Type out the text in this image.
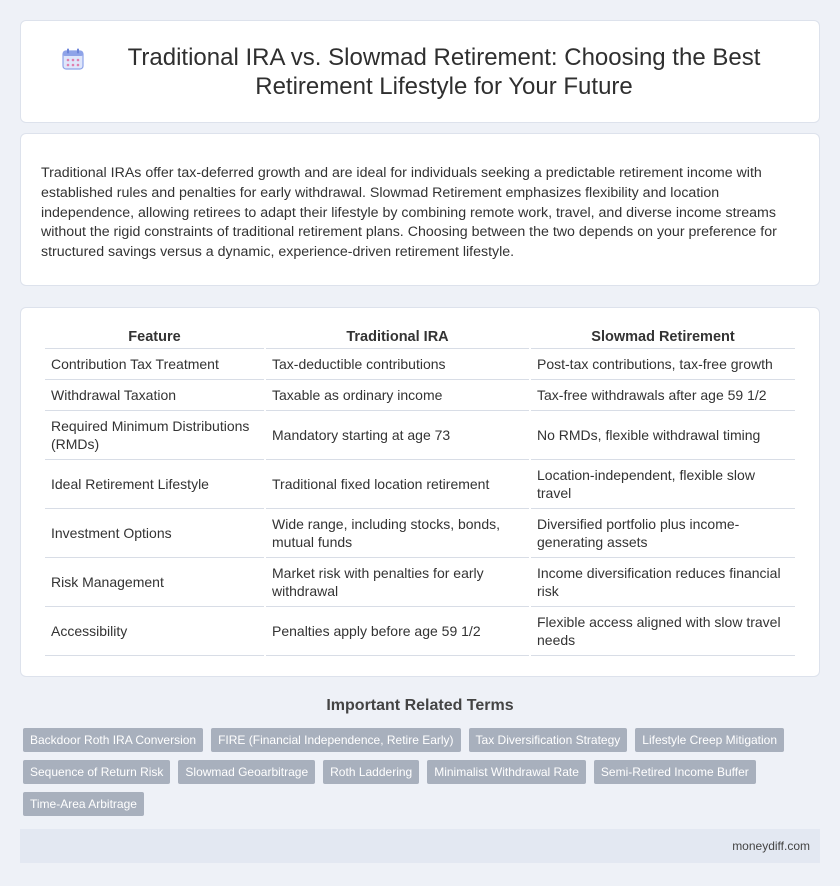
Traditional IRA vs. Slowmad Retirement: Choosing the Best Retirement Lifestyle for Your Future

Traditional IRAs offer tax-deferred growth and are ideal for individuals seeking a predictable retirement income with established rules and penalties for early withdrawal. Slowmad Retirement emphasizes flexibility and location independence, allowing retirees to adapt their lifestyle by combining remote work, travel, and diverse income streams without the rigid constraints of traditional retirement plans. Choosing between the two depends on your preference for structured savings versus a dynamic, experience-driven retirement lifestyle.

Feature	Traditional IRA	Slowmad Retirement
Contribution Tax Treatment	Tax-deductible contributions	Post-tax contributions, tax-free growth
Withdrawal Taxation	Taxable as ordinary income	Tax-free withdrawals after age 59 1/2
Required Minimum Distributions (RMDs)	Mandatory starting at age 73	No RMDs, flexible withdrawal timing
Ideal Retirement Lifestyle	Traditional fixed location retirement	Location-independent, flexible slow travel
Investment Options	Wide range, including stocks, bonds, mutual funds	Diversified portfolio plus income-generating assets
Risk Management	Market risk with penalties for early withdrawal	Income diversification reduces financial risk
Accessibility	Penalties apply before age 59 1/2	Flexible access aligned with slow travel needs
Important Related Terms
Backdoor Roth IRA Conversion	FIRE (Financial Independence, Retire Early)	Tax Diversification Strategy	Lifestyle Creep Mitigation
Sequence of Return Risk	Slowmad Geoarbitrage	Roth Laddering	Minimalist Withdrawal Rate	Semi-Retired Income Buffer
Time-Area Arbitrage
moneydiff.com
